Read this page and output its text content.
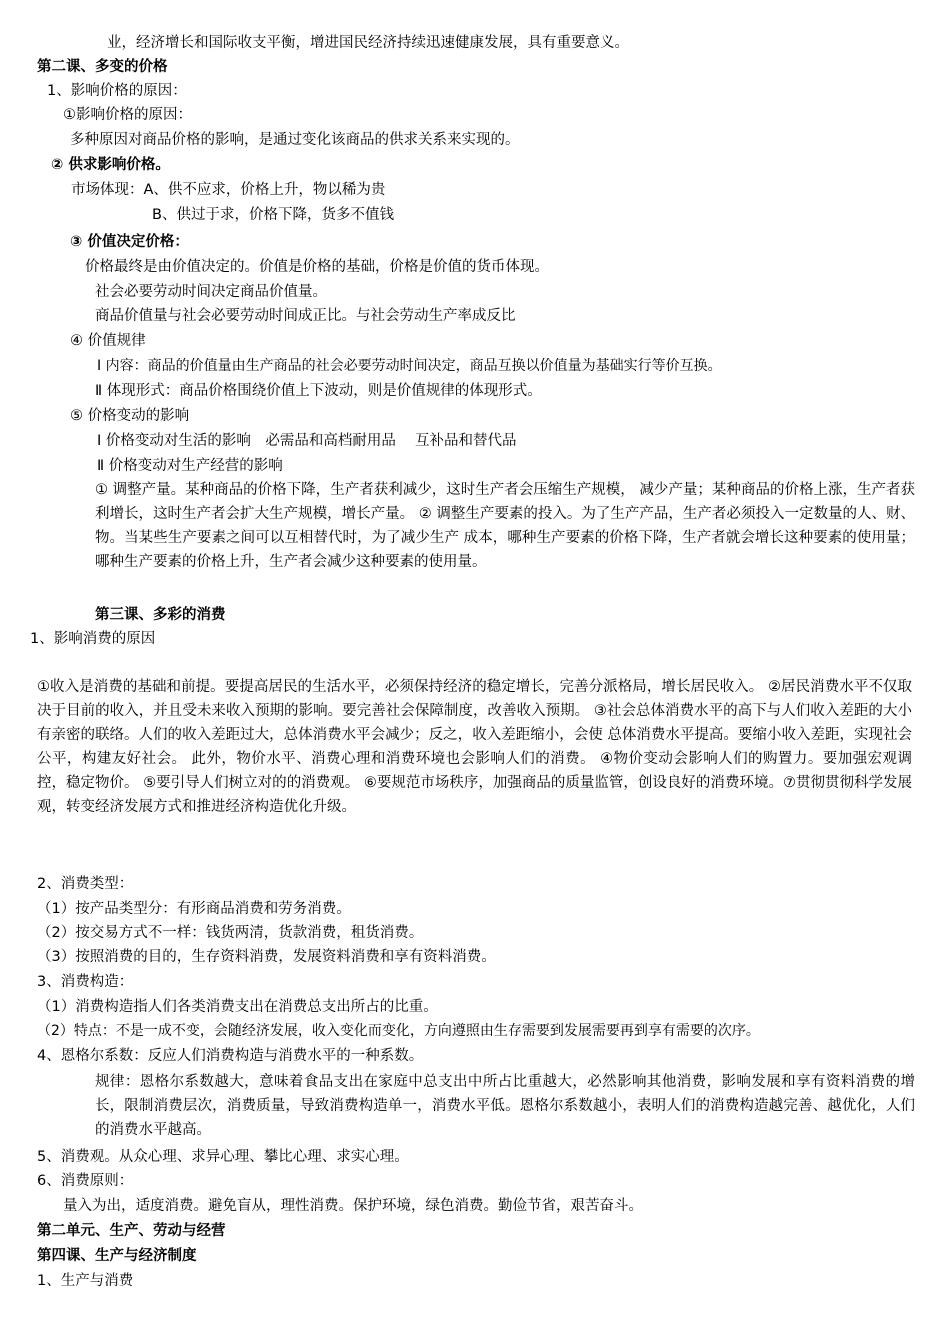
业，经济增长和国际收支平衡，增进国民经济持续迅速健康发展，具有重要意义。
第二课、多变的价格
1、影响价格的原因：
①影响价格的原因：
多种原因对商品价格的影响，是通过变化该商品的供求关系来实现的。
② 供求影响价格。
市场体现：A、供不应求，价格上升，物以稀为贵
B、供过于求，价格下降，货多不值钱
③ 价值决定价格：
价格最终是由价值决定的。价值是价格的基础，价格是价值的货币体现。
社会必要劳动时间决定商品价值量。
商品价值量与社会必要劳动时间成正比。与社会劳动生产率成反比
④ 价值规律
Ⅰ 内容：商品的价值量由生产商品的社会必要劳动时间决定，商品互换以价值量为基础实行等价互换。
Ⅱ 体现形式：商品价格围绕价值上下波动，则是价值规律的体现形式。
⑤ 价格变动的影响
Ⅰ 价格变动对生活的影响　必需品和高档耐用品　 互补品和替代品
Ⅱ 价格变动对生产经营的影响
① 调整产量。某种商品的价格下降，生产者获利减少，这时生产者会压缩生产规模， 减少产量；某种商品的价格上涨，生产者获利增长，这时生产者会扩大生产规模，增长产量。 ② 调整生产要素的投入。为了生产产品，生产者必须投入一定数量的人、财、物。当某些生产要素之间可以互相替代时，为了减少生产 成本，哪种生产要素的价格下降，生产者就会增长这种要素的使用量；哪种生产要素的价格上升，生产者会减少这种要素的使用量。
第三课、多彩的消费
1、影响消费的原因
①收入是消费的基础和前提。要提高居民的生活水平，必须保持经济的稳定增长，完善分派格局，增长居民收入。 ②居民消费水平不仅取决于目前的收入，并且受未来收入预期的影响。要完善社会保障制度，改善收入预期。 ③社会总体消费水平的高下与人们收入差距的大小有亲密的联络。人们的收入差距过大，总体消费水平会减少；反之，收入差距缩小，会使 总体消费水平提高。要缩小收入差距，实现社会公平，构建友好社会。 此外，物价水平、消费心理和消费环境也会影响人们的消费。 ④物价变动会影响人们的购置力。要加强宏观调控，稳定物价。 ⑤要引导人们树立对的的消费观。 ⑥要规范市场秩序，加强商品的质量监管，创设良好的消费环境。⑦贯彻贯彻科学发展观，转变经济发展方式和推进经济构造优化升级。
2、消费类型：
（1）按产品类型分：有形商品消费和劳务消费。
（2）按交易方式不一样：钱货两清，货款消费，租货消费。
（3）按照消费的目的，生存资料消费，发展资料消费和享有资料消费。
3、消费构造：
（1）消费构造指人们各类消费支出在消费总支出所占的比重。
（2）特点：不是一成不变，会随经济发展，收入变化而变化，方向遵照由生存需要到发展需要再到享有需要的次序。
4、恩格尔系数：反应人们消费构造与消费水平的一种系数。
规律：恩格尔系数越大，意味着食品支出在家庭中总支出中所占比重越大，必然影响其他消费，影响发展和享有资料消费的增长，限制消费层次，消费质量，导致消费构造单一，消费水平低。恩格尔系数越小，表明人们的消费构造越完善、越优化，人们的消费水平越高。
5、消费观。从众心理、求异心理、攀比心理、求实心理。
6、消费原则：
量入为出，适度消费。避免盲从，理性消费。保护环境，绿色消费。勤俭节省，艰苦奋斗。
第二单元、生产、劳动与经营
第四课、生产与经济制度
1、生产与消费
